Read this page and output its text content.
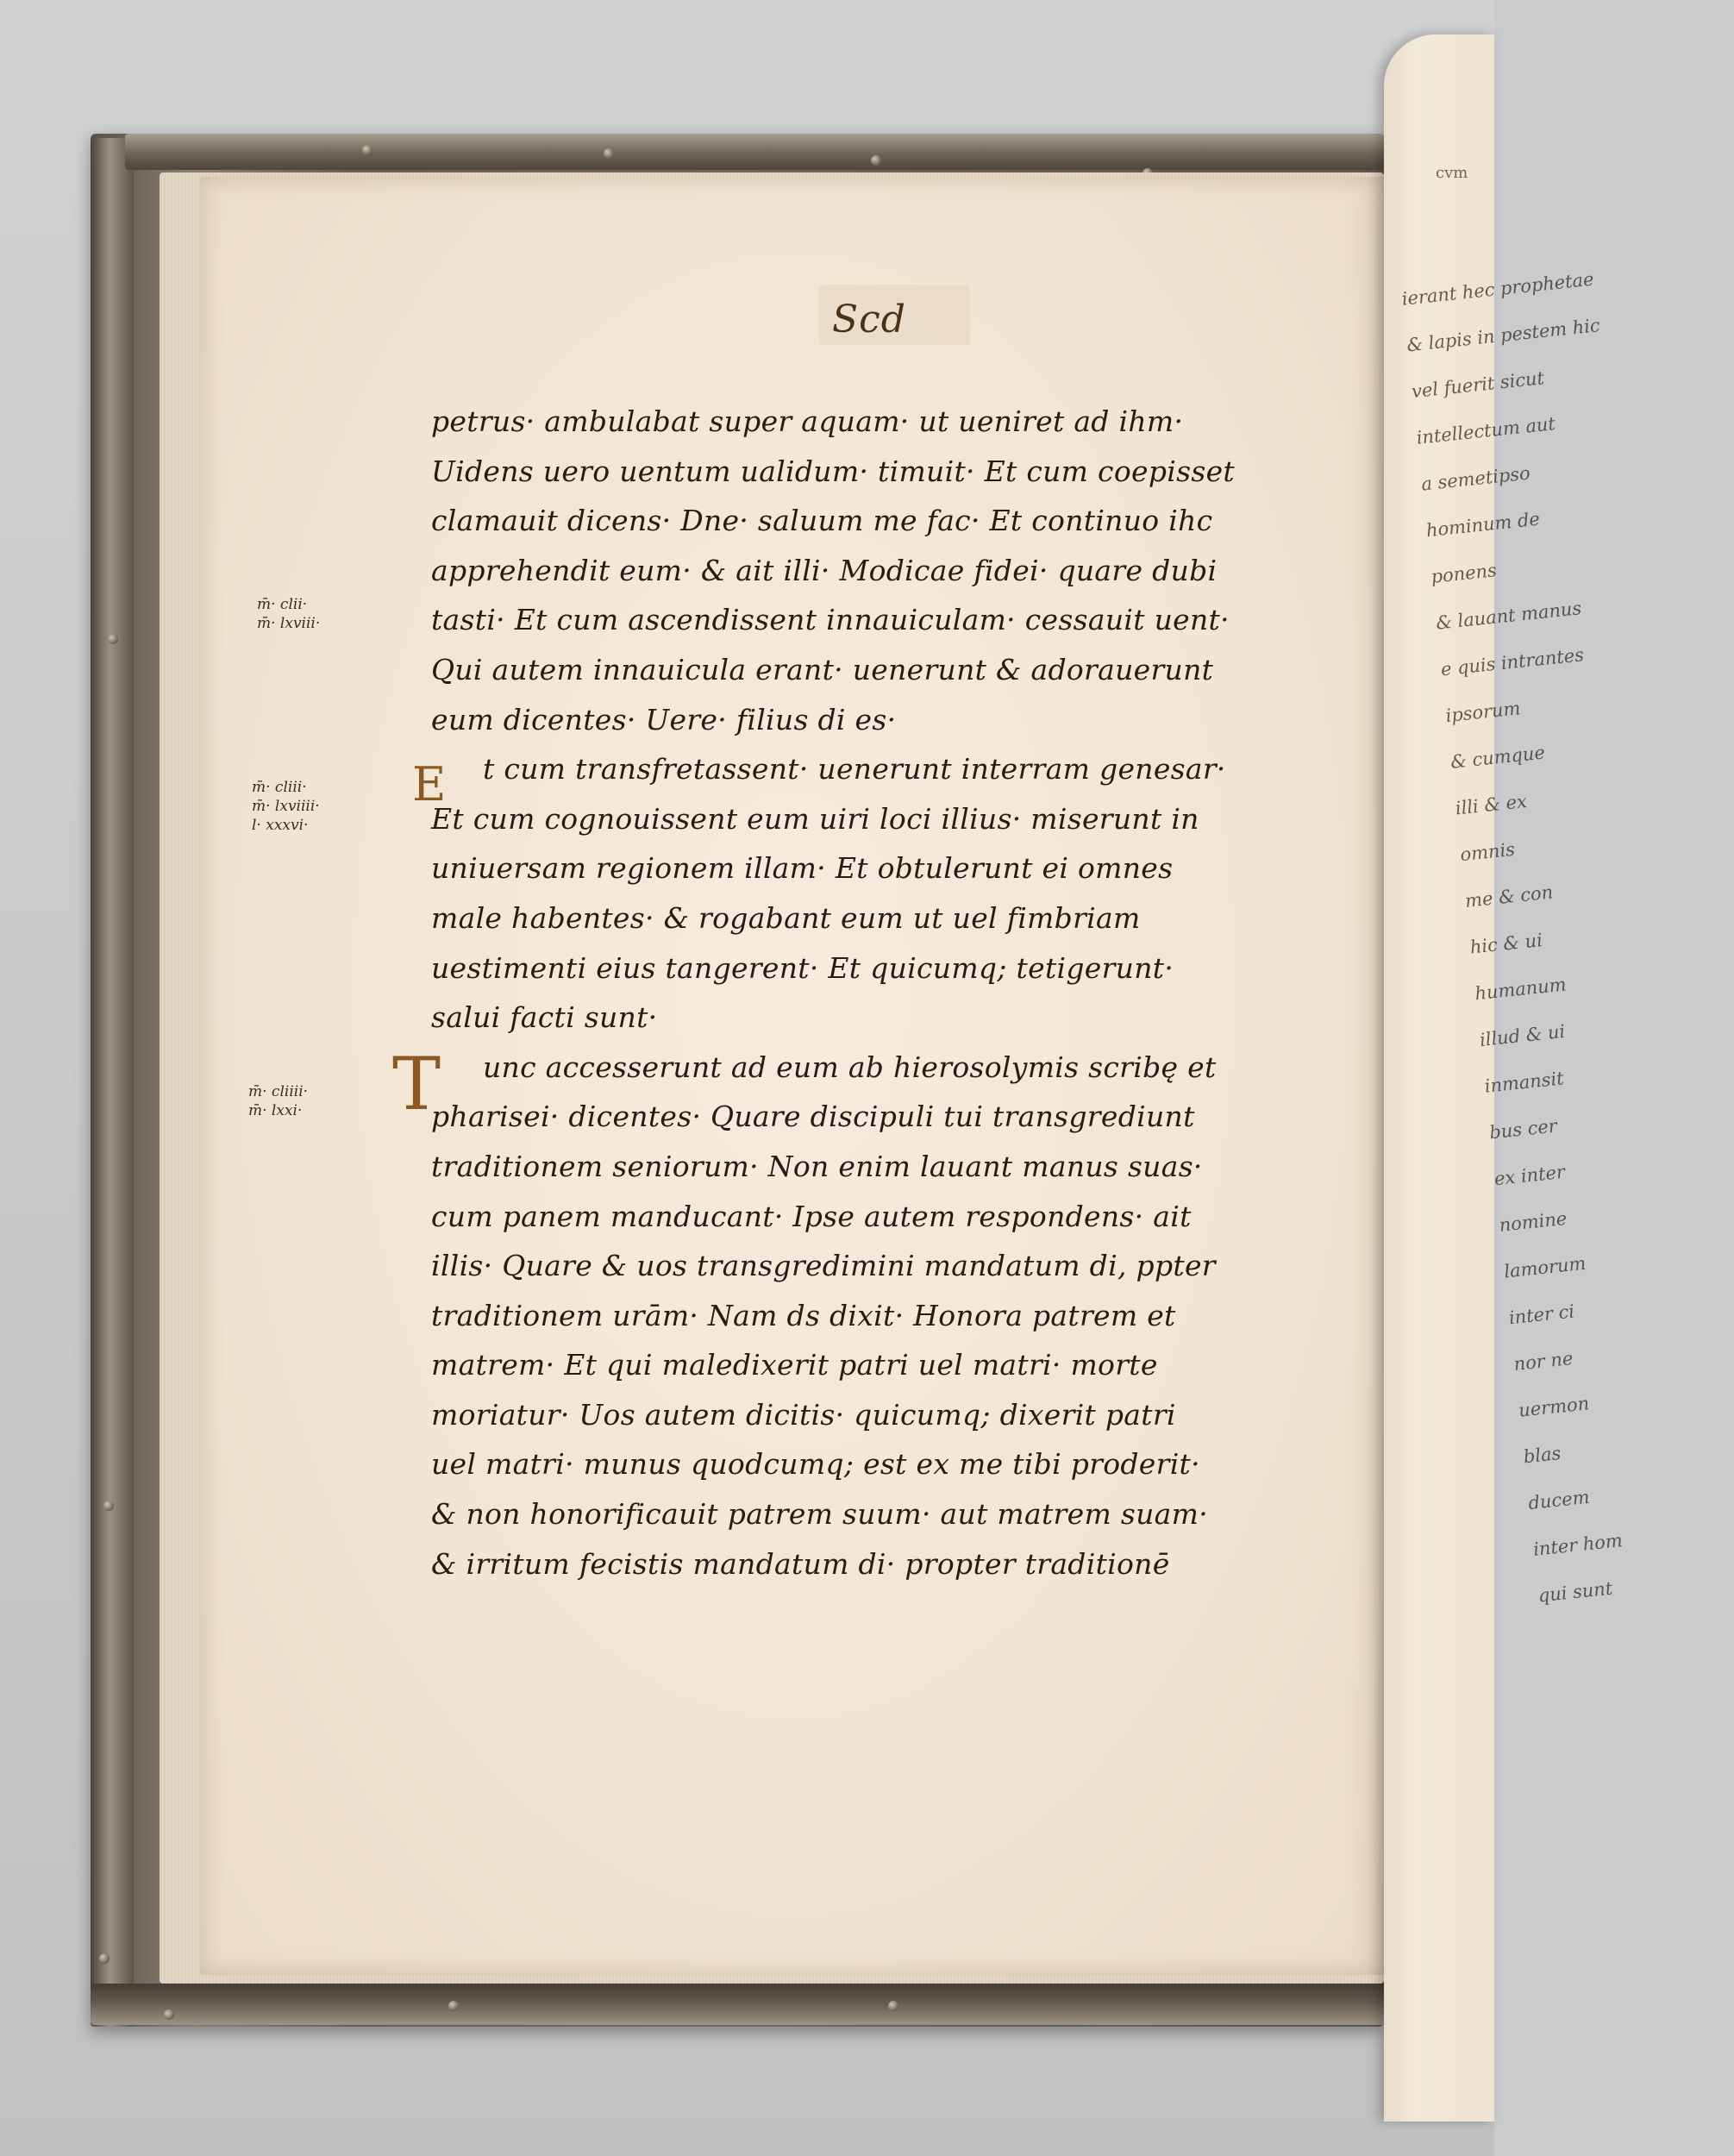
cvm
ierant hec prophetae
& lapis in pestem hic
vel fuerit sicut
intellectum aut
a semetipso
hominum de
ponens
& lauant manus
e quis intrantes
ipsorum
& cumque
illi & ex
omnis
me & con
hic & ui
humanum
illud & ui
inmansit
bus cer
ex inter
nomine
lamorum
inter ci
nor ne
uermon
blas
ducem
inter hom
qui sunt
Scd
E
T
petrus· ambulabat super aquam· ut ueniret ad ihm·
Uidens uero uentum ualidum· timuit· Et cum coepisset
clamauit dicens· Dne· saluum me fac· Et continuo ihc
apprehendit eum· & ait illi· Modicae fidei· quare dubi
tasti· Et cum ascendissent innauiculam· cessauit uent·
Qui autem innauicula erant· uenerunt & adorauerunt
eum dicentes· Uere· filius di es·
t cum transfretassent· uenerunt interram genesar·
Et cum cognouissent eum uiri loci illius· miserunt in
uniuersam regionem illam· Et obtulerunt ei omnes
male habentes· & rogabant eum ut uel fimbriam
uestimenti eius tangerent· Et quicumq; tetigerunt·
salui facti sunt·
unc accesserunt ad eum ab hierosolymis scribę et
pharisei· dicentes· Quare discipuli tui transgrediunt
traditionem seniorum· Non enim lauant manus suas·
cum panem manducant· Ipse autem respondens· ait
illis· Quare & uos transgredimini mandatum di, ppter
traditionem urām· Nam ds dixit· Honora patrem et
matrem· Et qui maledixerit patri uel matri· morte
moriatur· Uos autem dicitis· quicumq; dixerit patri
uel matri· munus quodcumq; est ex me tibi proderit·
& non honorificauit patrem suum· aut matrem suam·
& irritum fecistis mandatum di· propter traditionē
m̄· clii·
m̄· lxviii·
m̄· cliii·
m̄· lxviiii·
l· xxxvi·
m̄· cliiii·
m̄· lxxi·
